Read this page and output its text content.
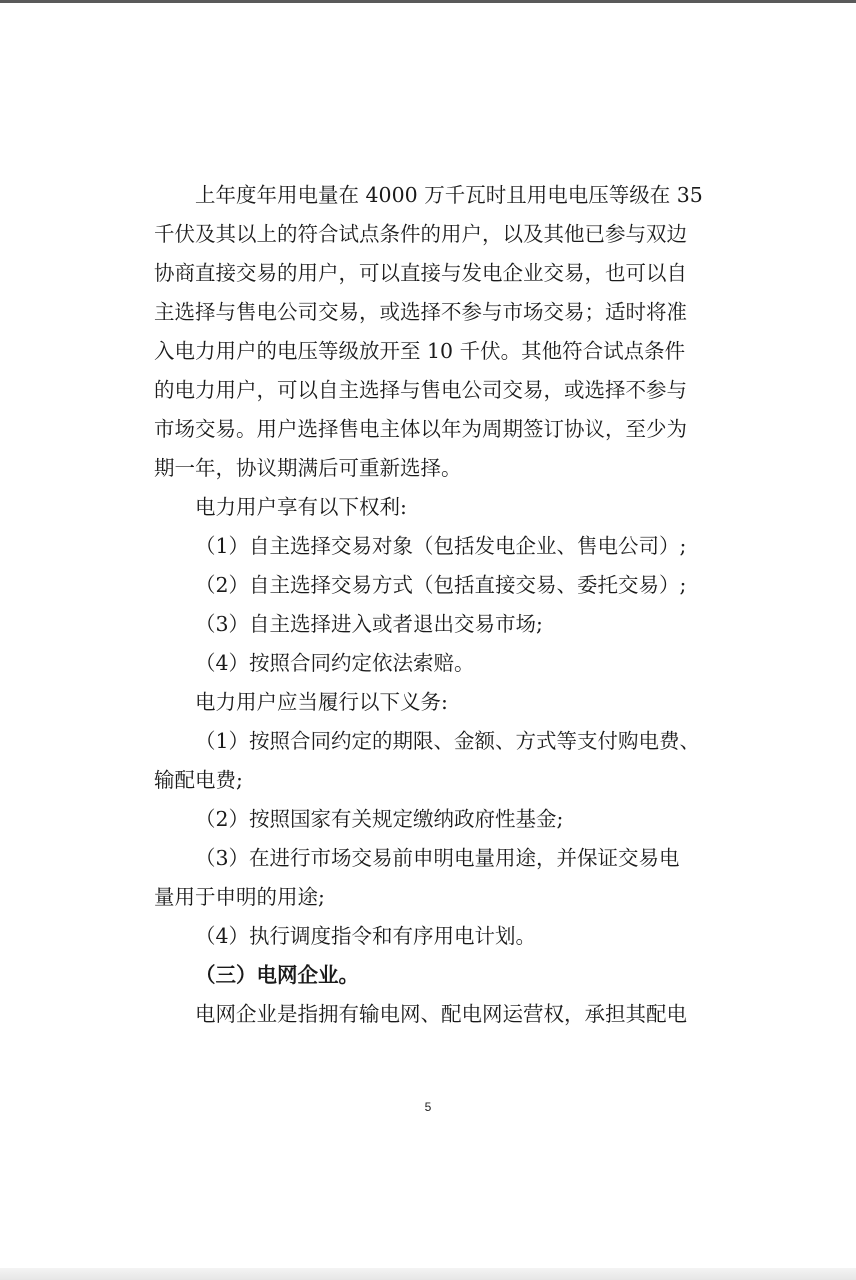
上年度年用电量在 4000 万千瓦时且用电电压等级在 35
千伏及其以上的符合试点条件的用户，以及其他已参与双边
协商直接交易的用户，可以直接与发电企业交易，也可以自
主选择与售电公司交易，或选择不参与市场交易；适时将准
入电力用户的电压等级放开至 10 千伏。其他符合试点条件
的电力用户，可以自主选择与售电公司交易，或选择不参与
市场交易。用户选择售电主体以年为周期签订协议，至少为
期一年，协议期满后可重新选择。
电力用户享有以下权利:
（1）自主选择交易对象（包括发电企业、售电公司）;
（2）自主选择交易方式（包括直接交易、委托交易）;
（3）自主选择进入或者退出交易市场;
（4）按照合同约定依法索赔。
电力用户应当履行以下义务:
（1）按照合同约定的期限、金额、方式等支付购电费、
输配电费;
（2）按照国家有关规定缴纳政府性基金;
（3）在进行市场交易前申明电量用途，并保证交易电
量用于申明的用途;
（4）执行调度指令和有序用电计划。
（三）电网企业。
电网企业是指拥有输电网、配电网运营权，承担其配电
5
